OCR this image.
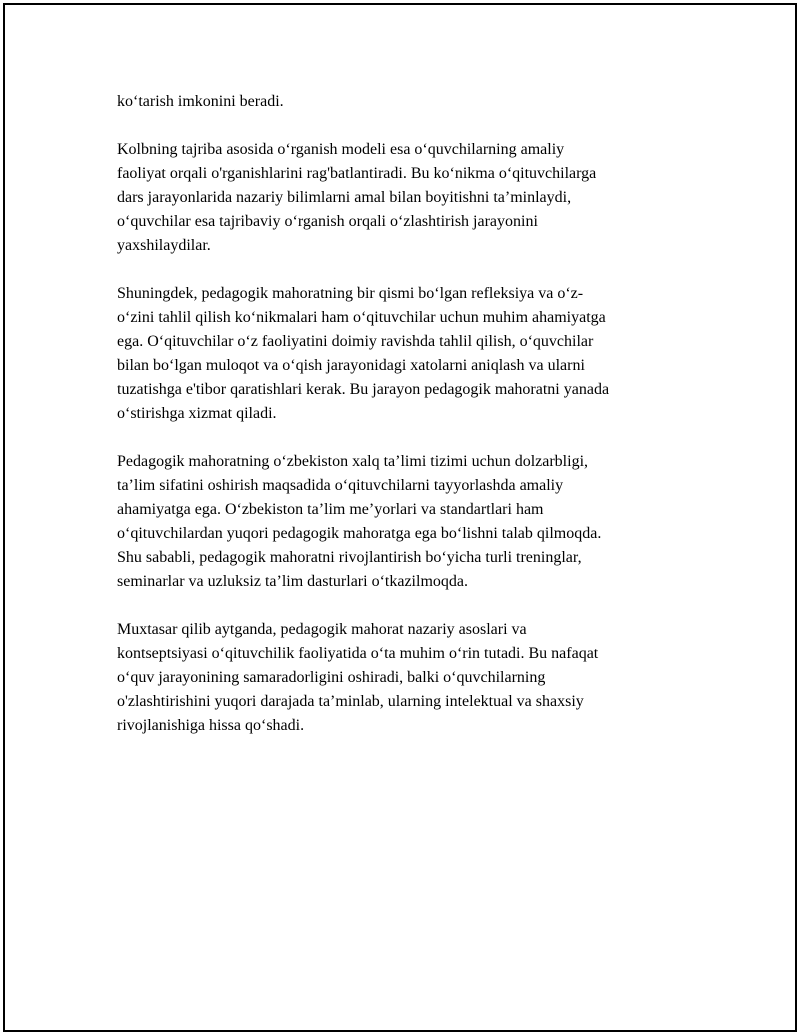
ko‘tarish imkonini beradi.

Kolbning tajriba asosida o‘rganish modeli esa o‘quvchilarning amaliy
faoliyat orqali o'rganishlarini rag'batlantiradi. Bu ko‘nikma o‘qituvchilarga
dars jarayonlarida nazariy bilimlarni amal bilan boyitishni ta’minlaydi,
o‘quvchilar esa tajribaviy o‘rganish orqali o‘zlashtirish jarayonini
yaxshilaydilar.

Shuningdek, pedagogik mahoratning bir qismi bo‘lgan refleksiya va o‘z-
o‘zini tahlil qilish ko‘nikmalari ham o‘qituvchilar uchun muhim ahamiyatga
ega. O‘qituvchilar o‘z faoliyatini doimiy ravishda tahlil qilish, o‘quvchilar
bilan bo‘lgan muloqot va o‘qish jarayonidagi xatolarni aniqlash va ularni
tuzatishga e'tibor qaratishlari kerak. Bu jarayon pedagogik mahoratni yanada
o‘stirishga xizmat qiladi.

Pedagogik mahoratning o‘zbekiston xalq ta’limi tizimi uchun dolzarbligi,
ta’lim sifatini oshirish maqsadida o‘qituvchilarni tayyorlashda amaliy
ahamiyatga ega. O‘zbekiston ta’lim me’yorlari va standartlari ham
o‘qituvchilardan yuqori pedagogik mahoratga ega bo‘lishni talab qilmoqda.
Shu sababli, pedagogik mahoratni rivojlantirish bo‘yicha turli treninglar,
seminarlar va uzluksiz ta’lim dasturlari o‘tkazilmoqda.

Muxtasar qilib aytganda, pedagogik mahorat nazariy asoslari va
kontseptsiyasi o‘qituvchilik faoliyatida o‘ta muhim o‘rin tutadi. Bu nafaqat
o‘quv jarayonining samaradorligini oshiradi, balki o‘quvchilarning
o'zlashtirishini yuqori darajada ta’minlab, ularning intelektual va shaxsiy
rivojlanishiga hissa qo‘shadi.
